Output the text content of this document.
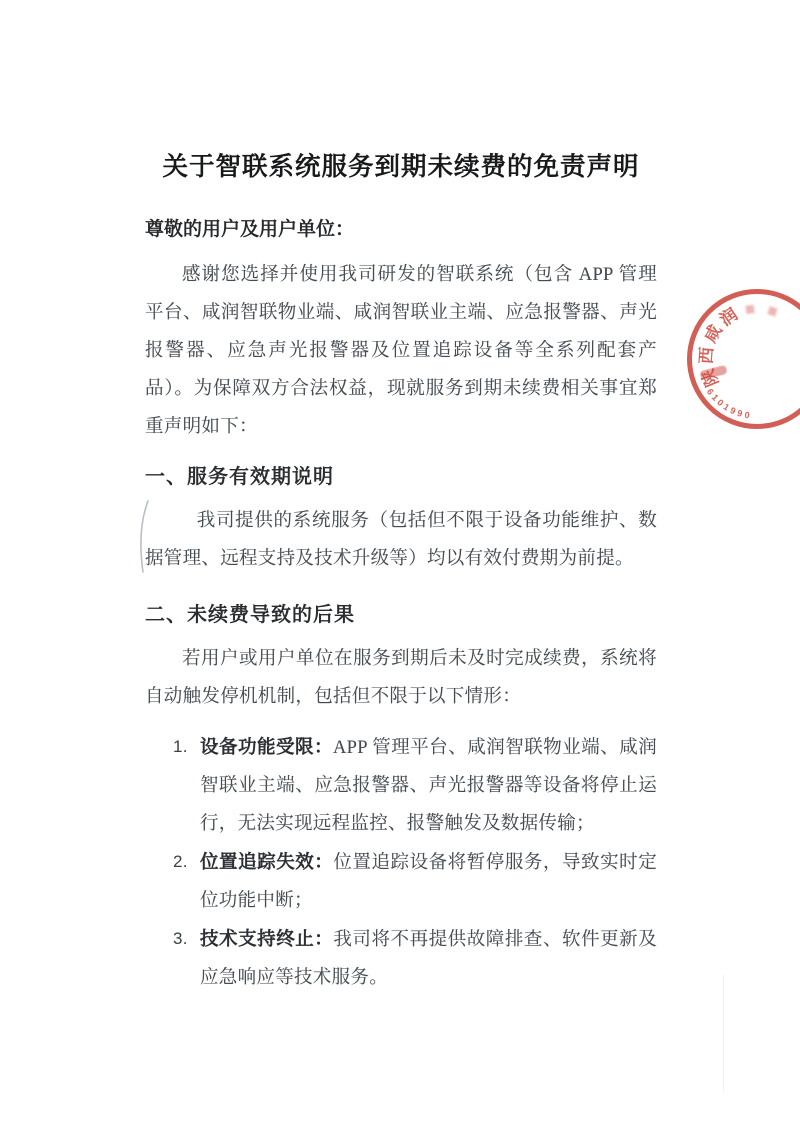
关于智联系统服务到期未续费的免责声明
尊敬的用户及用户单位：

感谢您选择并使用我司研发的智联系统（包含 APP 管理平台、咸润智联物业端、咸润智联业主端、应急报警器、声光报警器、应急声光报警器及位置追踪设备等全系列配套产品）。为保障双方合法权益，现就服务到期未续费相关事宜郑重声明如下：

一、服务有效期说明

我司提供的系统服务（包括但不限于设备功能维护、数据管理、远程支持及技术升级等）均以有效付费期为前提。

二、未续费导致的后果

若用户或用户单位在服务到期后未及时完成续费，系统将自动触发停机机制，包括但不限于以下情形：

1. 设备功能受限：APP 管理平台、咸润智联物业端、咸润智联业主端、应急报警器、声光报警器等设备将停止运行，无法实现远程监控、报警触发及数据传输；
2. 位置追踪失效：位置追踪设备将暂停服务，导致实时定位功能中断；
3. 技术支持终止：我司将不再提供故障排查、软件更新及应急响应等技术服务。
陕
西
咸
润 ■ ■
6
1
0
1
9
9 0
